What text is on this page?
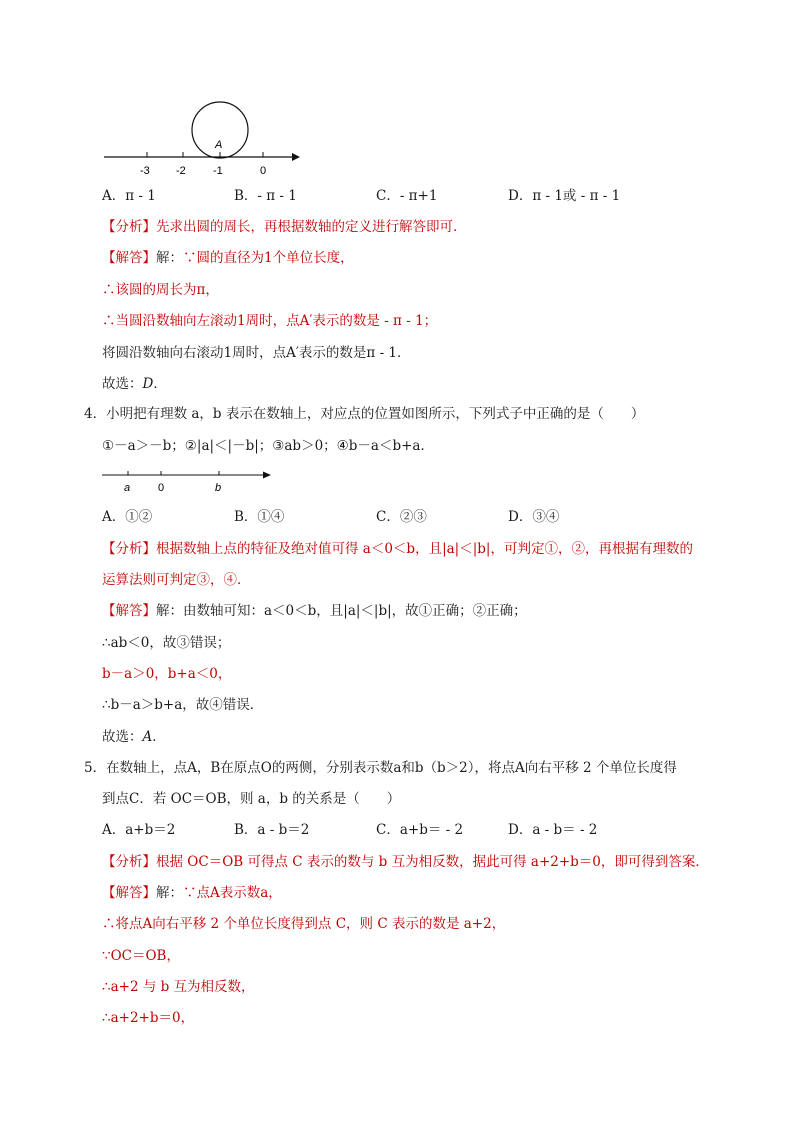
A
-3 -2 -1	0
A．π - 1	B．- π - 1	C．- π+1	D．π - 1或 - π - 1
【分析】先求出圆的周长，再根据数轴的定义进行解答即可．
【解答】解：∵圆的直径为1个单位长度，
∴该圆的周长为π，
∴当圆沿数轴向左滚动1周时，点A′表示的数是 - π - 1；
将圆沿数轴向右滚动1周时，点A′表示的数是π - 1．
故选：D．
4．小明把有理数 a，b 表示在数轴上，对应点的位置如图所示，下列式子中正确的是（　　）
①－a＞－b；②|a|＜|－b|；③ab＞0；④b－a＜b+a．
a	0	b
A．①②	B．①④	C．②③	D．③④
【分析】根据数轴上点的特征及绝对值可得 a＜0＜b，且|a|＜|b|，可判定①，②，再根据有理数的
运算法则可判定③，④．
【解答】解：由数轴可知：a＜0＜b，且|a|＜|b|，故①正确；②正确；
∴ab＜0，故③错误；
b－a＞0，b+a＜0，
∴b－a＞b+a，故④错误．
故选：A．
5．在数轴上，点A，B在原点O的两侧，分别表示数a和b（b＞2），将点A向右平移 2 个单位长度得
到点C．若 OC＝OB，则 a，b 的关系是（　　）
A．a+b＝2	B．a - b＝2	C．a+b＝ - 2	D．a - b＝ - 2
【分析】根据 OC＝OB 可得点 C 表示的数与 b 互为相反数，据此可得 a+2+b＝0，即可得到答案．
【解答】解：∵点A表示数a，
∴将点A向右平移 2 个单位长度得到点 C，则 C 表示的数是 a+2，
∵OC＝OB，
∴a+2 与 b 互为相反数，
∴a+2+b＝0，
